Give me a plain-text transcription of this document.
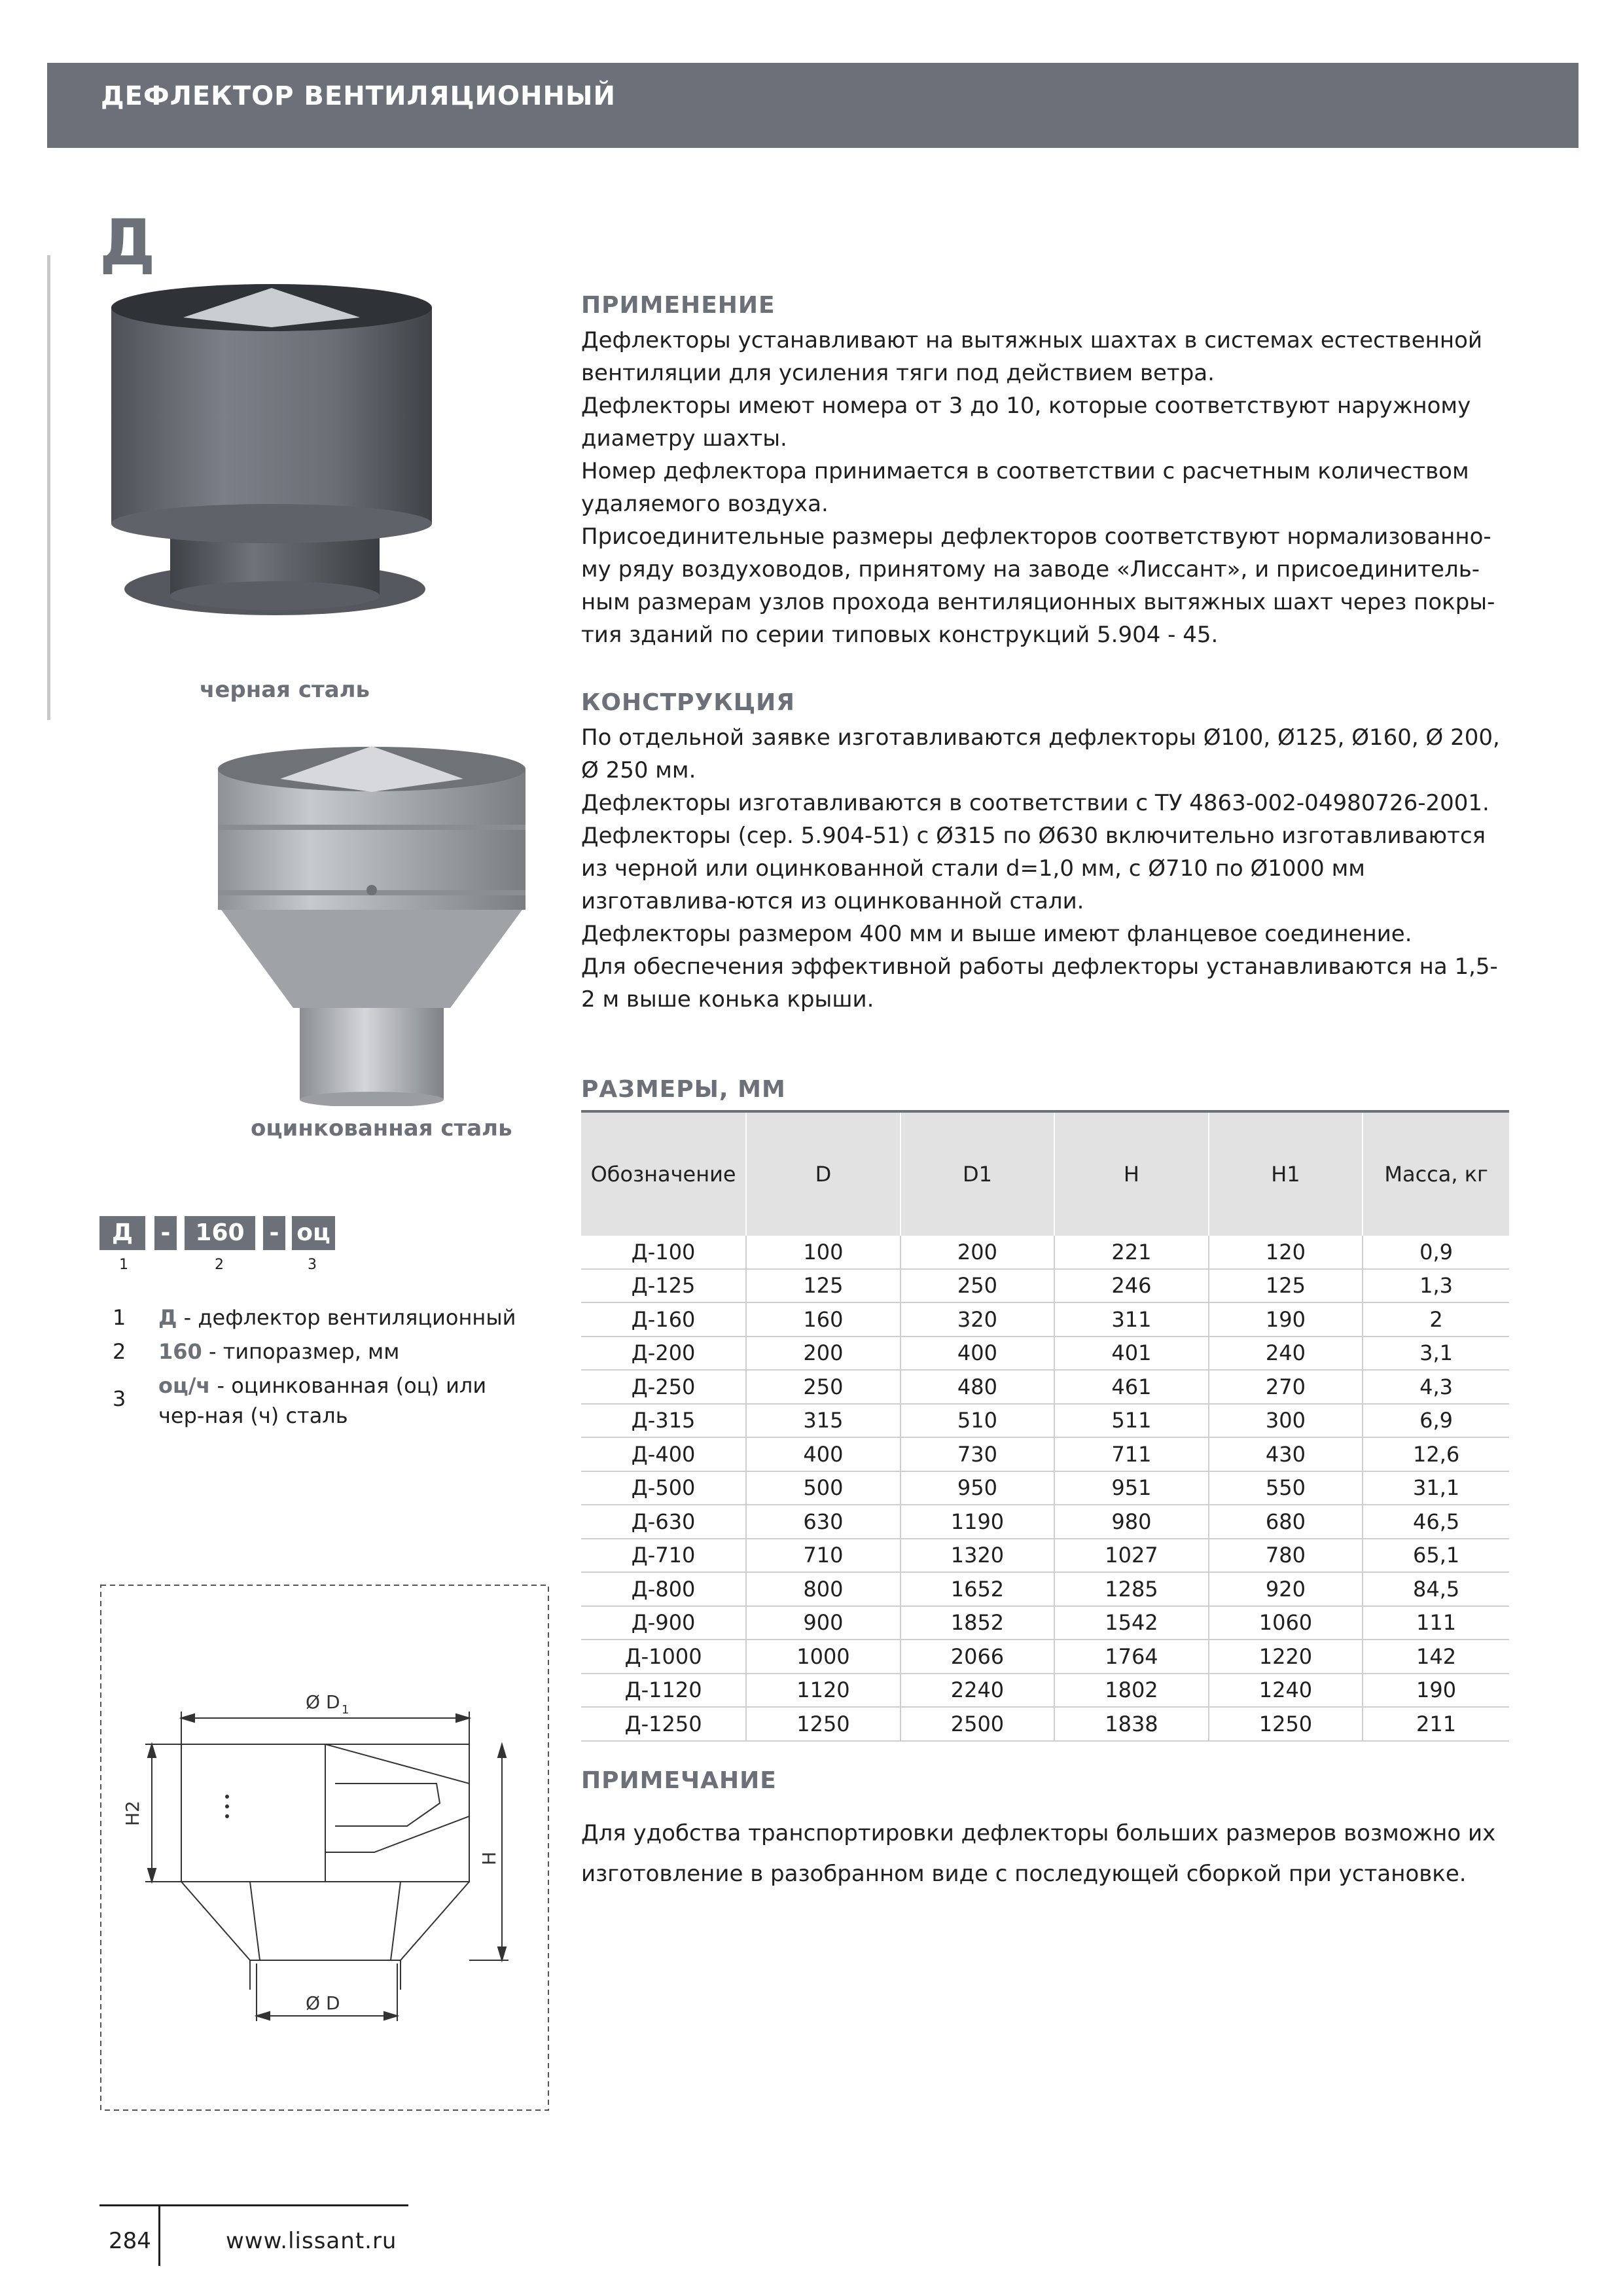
ДЕФЛЕКТОР ВЕНТИЛЯЦИОННЫЙ
Д
черная сталь
оцинкованная сталь
Д	-	160	- оц
1	2	3
1 Д - дефлектор вентиляционный
2 160 - типоразмер, мм
3
оц/ч - оцинкованная (оц) или чер-ная (ч) сталь
Ø D 1
Ø D
H2
H
ПРИМЕНЕНИЕ

Дефлекторы устанавливают на вытяжных шахтах в системах естественной вентиляции для усиления тяги под действием ветра.

Дефлекторы имеют номера от 3 до 10, которые соответствуют наружному диаметру шахты.

Номер дефлектора принимается в соответствии с расчетным количеством удаляемого воздуха.

Присоединительные размеры дефлекторов соответствуют нормализованно-му ряду воздуховодов, принятому на заводе «Лиссант», и присоединитель-ным размерам узлов прохода вентиляционных вытяжных шахт через покры-тия зданий по серии типовых конструкций 5.904 - 45.

КОНСТРУКЦИЯ

По отдельной заявке изготавливаются дефлекторы Ø100, Ø125, Ø160, Ø 200, Ø 250 мм.

Дефлекторы изготавливаются в соответствии с ТУ 4863-002-04980726-2001.

Дефлекторы (сер. 5.904-51) с Ø315 по Ø630 включительно изготавливаются из черной или оцинкованной стали d=1,0 мм, с Ø710 по Ø1000 мм изготавлива-ются из оцинкованной стали.

Дефлекторы размером 400 мм и выше имеют фланцевое соединение.

Для обеспечения эффективной работы дефлекторы устанавливаются на 1,5-2 м выше конька крыши.

РАЗМЕРЫ, ММ
Обозначение	D	D1	H	H1	Масса, кг
Д-100	100	200	221	120	0,9
Д-125	125	250	246	125	1,3
Д-160	160	320	311	190	2
Д-200	200	400	401	240	3,1
Д-250	250	480	461	270	4,3
Д-315	315	510	511	300	6,9
Д-400	400	730	711	430	12,6
Д-500	500	950	951	550	31,1
Д-630	630	1190	980	680	46,5
Д-710	710	1320	1027	780	65,1
Д-800	800	1652	1285	920	84,5
Д-900	900	1852	1542	1060	111
Д-1000	1000	2066	1764	1220	142
Д-1120	1120	2240	1802	1240	190
Д-1250	1250	2500	1838	1250	211
ПРИМЕЧАНИЕ
Для удобства транспортировки дефлекторы больших размеров возможно их изготовление в разобранном виде с последующей сборкой при установке.
284	www.lissant.ru
